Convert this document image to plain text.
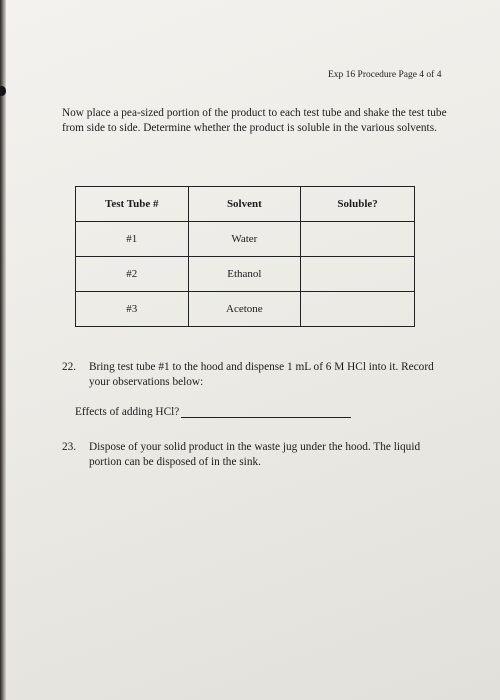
Exp 16 Procedure Page 4 of 4
Now place a pea-sized portion of the product to each test tube and shake the test tube from side to side. Determine whether the product is soluble in the various solvents.
Test Tube #	Solvent	Soluble?
#1	Water	
#2	Ethanol	
#3	Acetone	
22. Bring test tube #1 to the hood and dispense 1 mL of 6 M HCl into it. Record your observations below:
Effects of adding HCl?
23. Dispose of your solid product in the waste jug under the hood. The liquid portion can be disposed of in the sink.
